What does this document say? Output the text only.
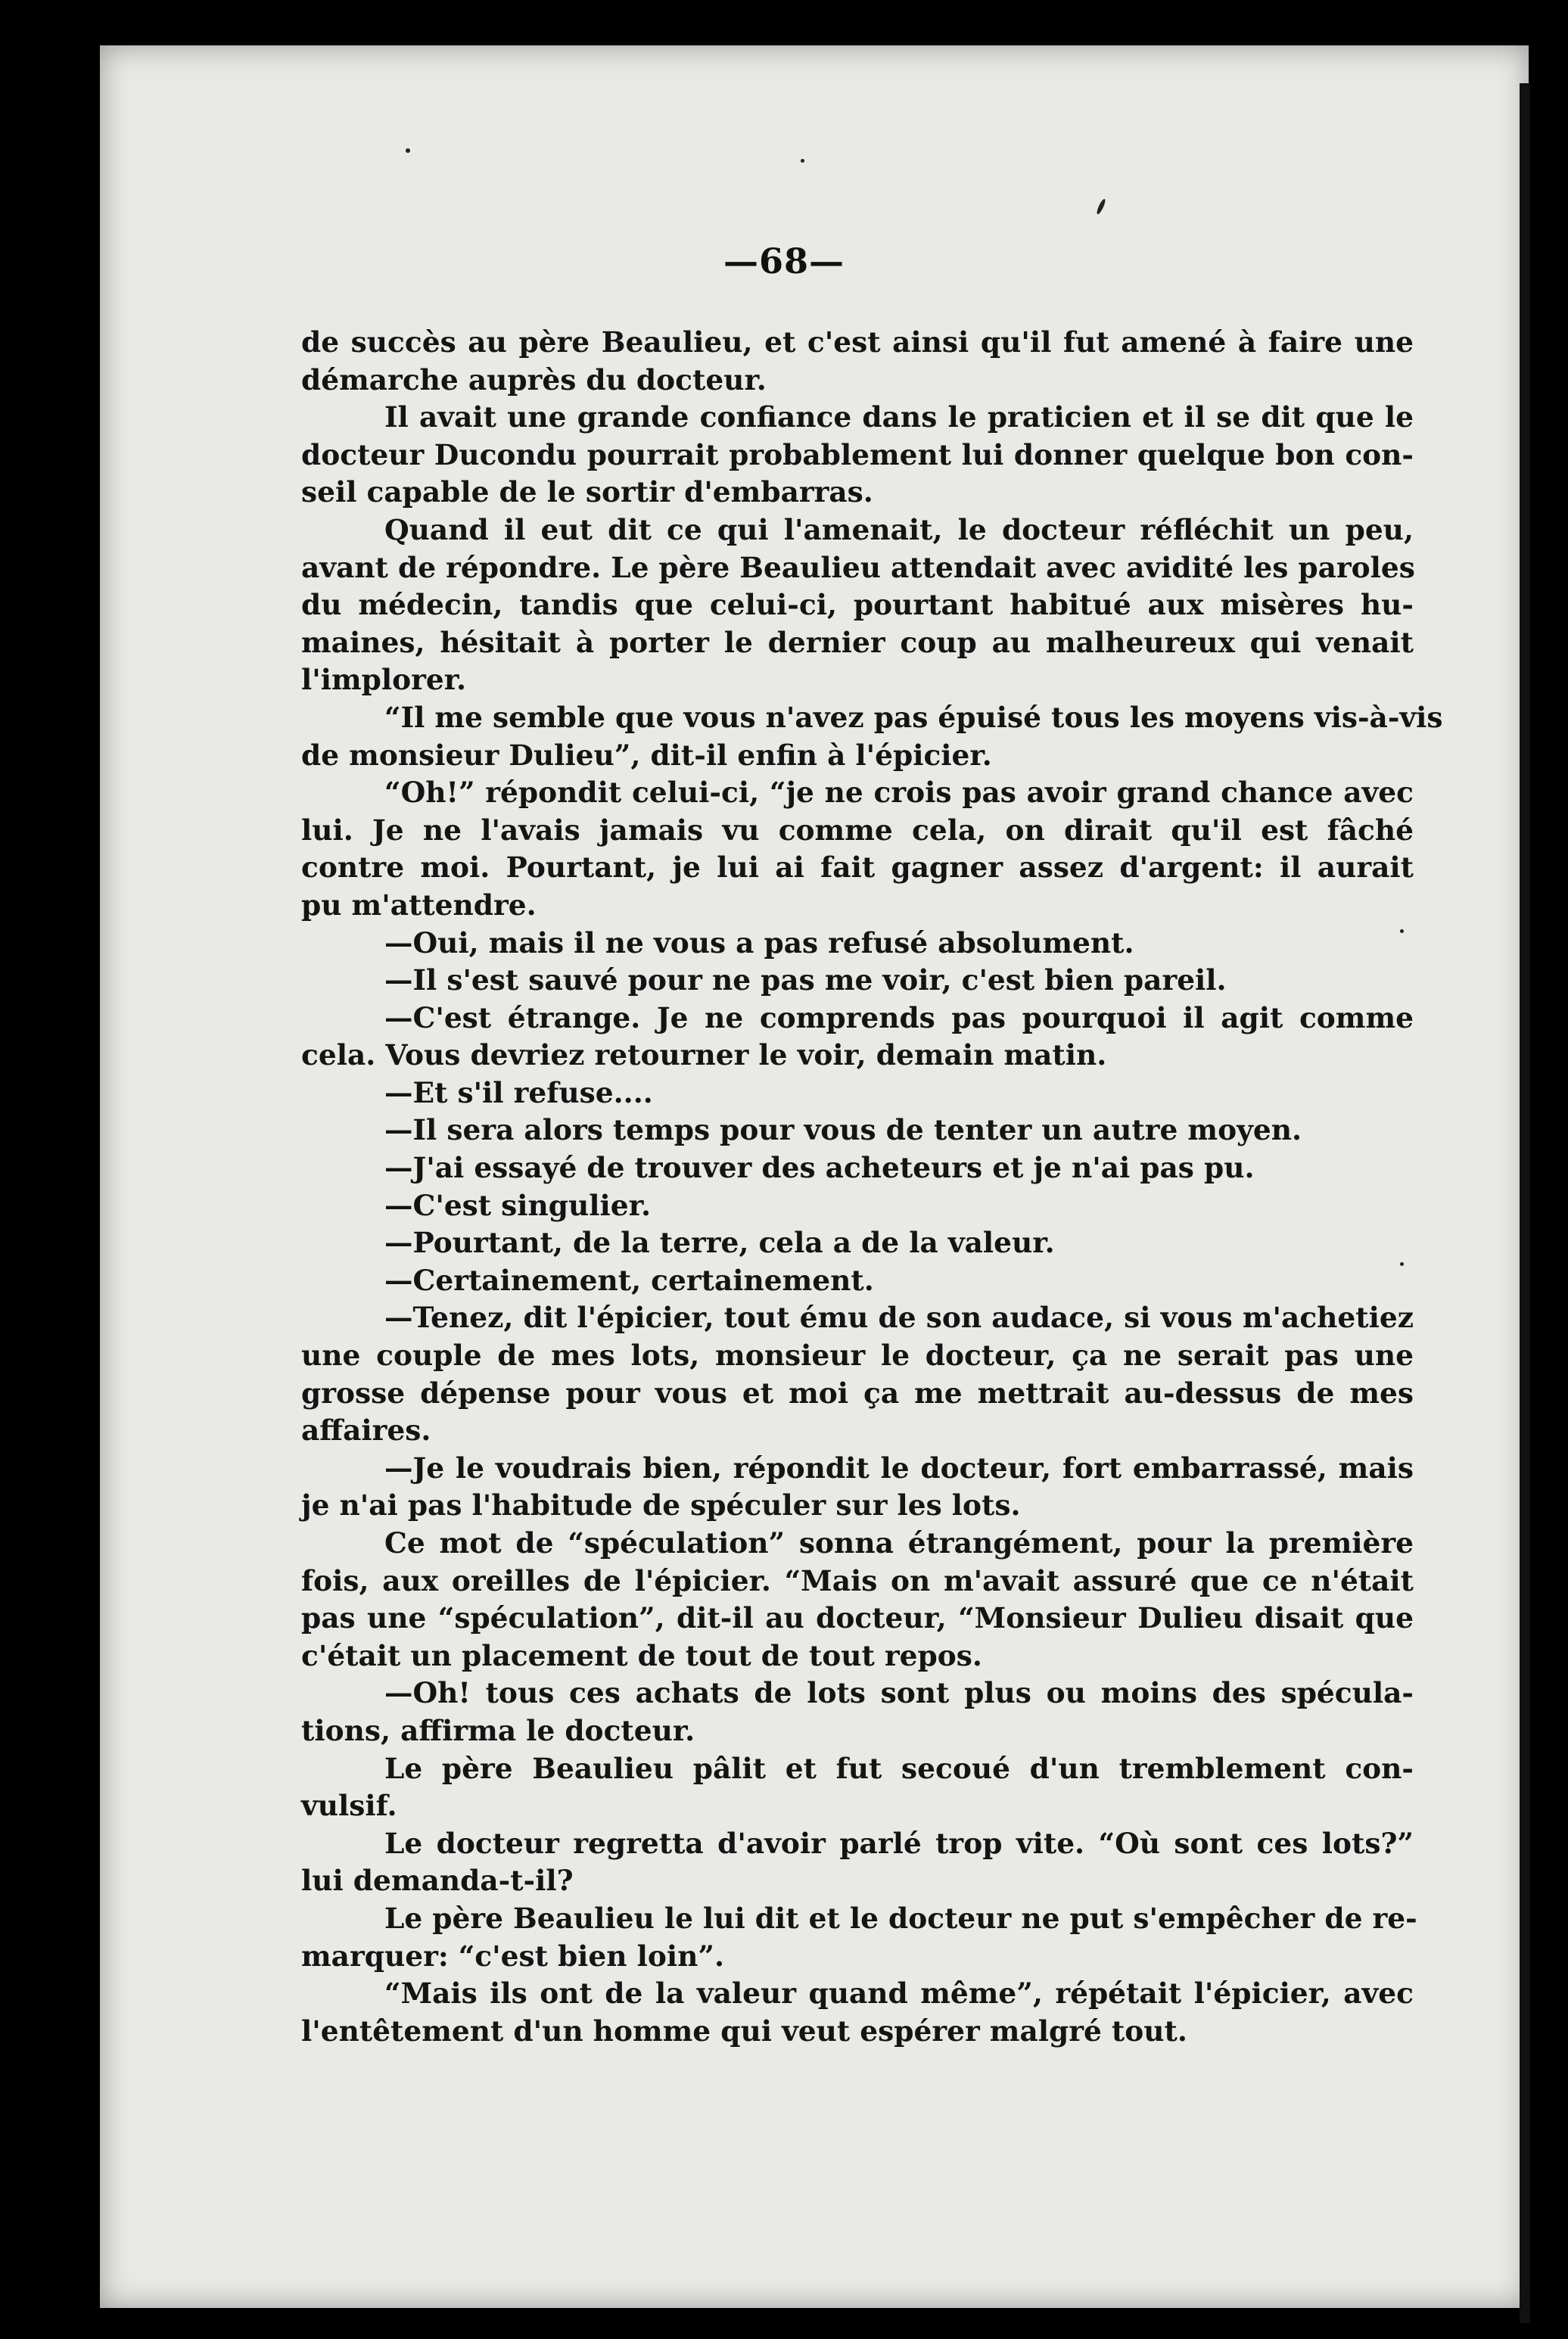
—68—
de succès au père Beaulieu, et c'est ainsi qu'il fut amené à faire une
démarche auprès du docteur.
Il avait une grande confiance dans le praticien et il se dit que le
docteur Ducondu pourrait probablement lui donner quelque bon con-
seil capable de le sortir d'embarras.
Quand il eut dit ce qui l'amenait, le docteur réfléchit un peu,
avant de répondre. Le père Beaulieu attendait avec avidité les paroles
du médecin, tandis que celui-ci, pourtant habitué aux misères hu-
maines, hésitait à porter le dernier coup au malheureux qui venait
l'implorer.
“Il me semble que vous n'avez pas épuisé tous les moyens vis-à-vis
de monsieur Dulieu”, dit-il enfin à l'épicier.
“Oh!” répondit celui-ci, “je ne crois pas avoir grand chance avec
lui. Je ne l'avais jamais vu comme cela, on dirait qu'il est fâché
contre moi. Pourtant, je lui ai fait gagner assez d'argent: il aurait
pu m'attendre.
—Oui, mais il ne vous a pas refusé absolument.
—Il s'est sauvé pour ne pas me voir, c'est bien pareil.
—C'est étrange. Je ne comprends pas pourquoi il agit comme
cela. Vous devriez retourner le voir, demain matin.
—Et s'il refuse....
—Il sera alors temps pour vous de tenter un autre moyen.
—J'ai essayé de trouver des acheteurs et je n'ai pas pu.
—C'est singulier.
—Pourtant, de la terre, cela a de la valeur.
—Certainement, certainement.
—Tenez, dit l'épicier, tout ému de son audace, si vous m'achetiez
une couple de mes lots, monsieur le docteur, ça ne serait pas une
grosse dépense pour vous et moi ça me mettrait au-dessus de mes
affaires.
—Je le voudrais bien, répondit le docteur, fort embarrassé, mais
je n'ai pas l'habitude de spéculer sur les lots.
Ce mot de “spéculation” sonna étrangément, pour la première
fois, aux oreilles de l'épicier. “Mais on m'avait assuré que ce n'était
pas une “spéculation”, dit-il au docteur, “Monsieur Dulieu disait que
c'était un placement de tout de tout repos.
—Oh! tous ces achats de lots sont plus ou moins des spécula-
tions, affirma le docteur.
Le père Beaulieu pâlit et fut secoué d'un tremblement con-
vulsif.
Le docteur regretta d'avoir parlé trop vite. “Où sont ces lots?”
lui demanda-t-il?
Le père Beaulieu le lui dit et le docteur ne put s'empêcher de re-
marquer: “c'est bien loin”.
“Mais ils ont de la valeur quand même”, répétait l'épicier, avec
l'entêtement d'un homme qui veut espérer malgré tout.
